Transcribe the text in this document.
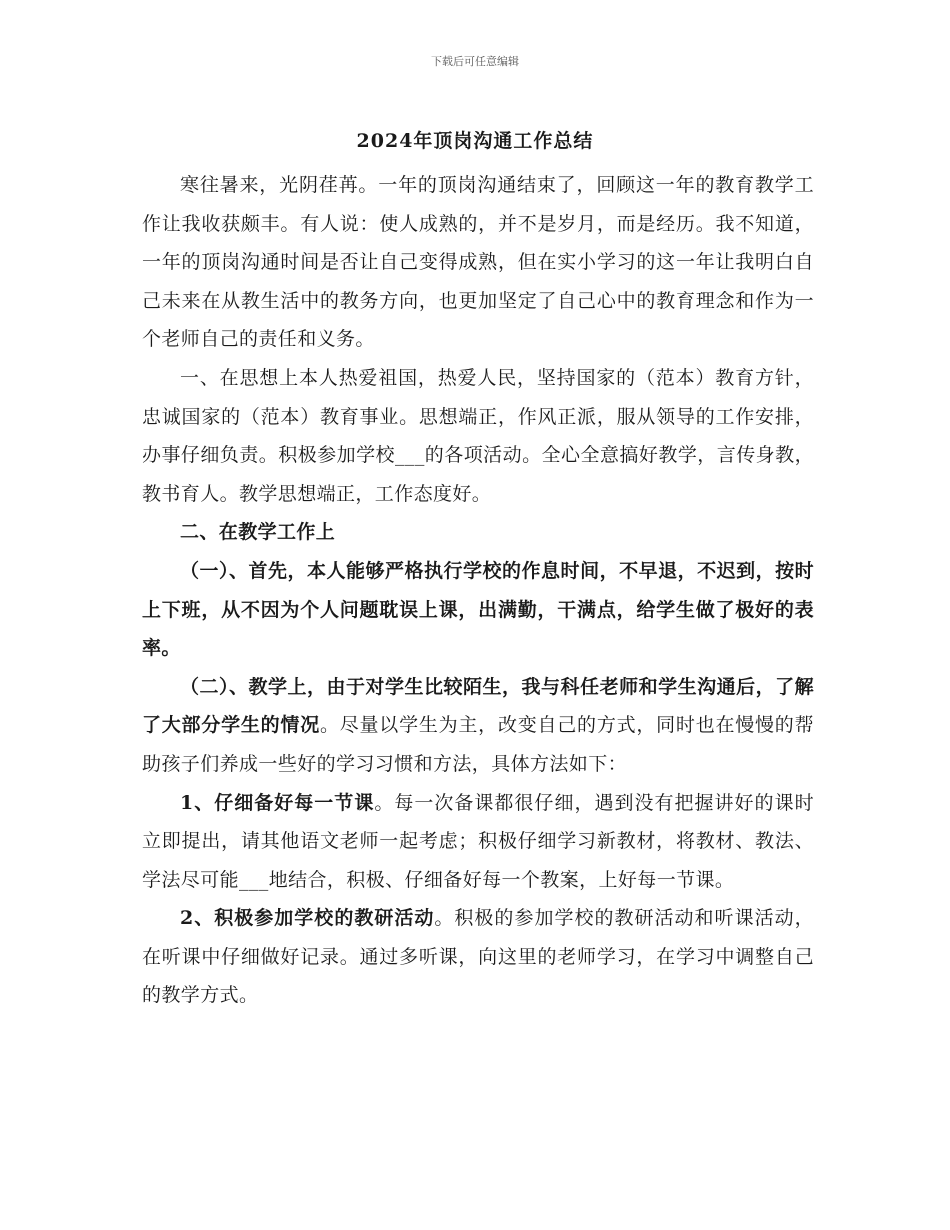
下载后可任意编辑
2024年顶岗沟通工作总结

寒往暑来，光阴荏苒。一年的顶岗沟通结束了，回顾这一年的教育教学工作让我收获颇丰。有人说：使人成熟的，并不是岁月，而是经历。我不知道，一年的顶岗沟通时间是否让自己变得成熟，但在实小学习的这一年让我明白自己未来在从教生活中的教务方向，也更加坚定了自己心中的教育理念和作为一个老师自己的责任和义务。

一、在思想上本人热爱祖国，热爱人民，坚持国家的（范本）教育方针，忠诚国家的（范本）教育事业。思想端正，作风正派，服从领导的工作安排，办事仔细负责。积极参加学校___的各项活动。全心全意搞好教学，言传身教，教书育人。教学思想端正，工作态度好。

二、在教学工作上

（一）、首先，本人能够严格执行学校的作息时间，不早退，不迟到，按时上下班，从不因为个人问题耽误上课，出满勤，干满点，给学生做了极好的表率。

（二）、教学上，由于对学生比较陌生，我与科任老师和学生沟通后，了解了大部分学生的情况。尽量以学生为主，改变自己的方式，同时也在慢慢的帮助孩子们养成一些好的学习习惯和方法，具体方法如下：

1、仔细备好每一节课。每一次备课都很仔细，遇到没有把握讲好的课时立即提出，请其他语文老师一起考虑；积极仔细学习新教材，将教材、教法、学法尽可能___地结合，积极、仔细备好每一个教案，上好每一节课。

2、积极参加学校的教研活动。积极的参加学校的教研活动和听课活动，在听课中仔细做好记录。通过多听课，向这里的老师学习，在学习中调整自己的教学方式。
